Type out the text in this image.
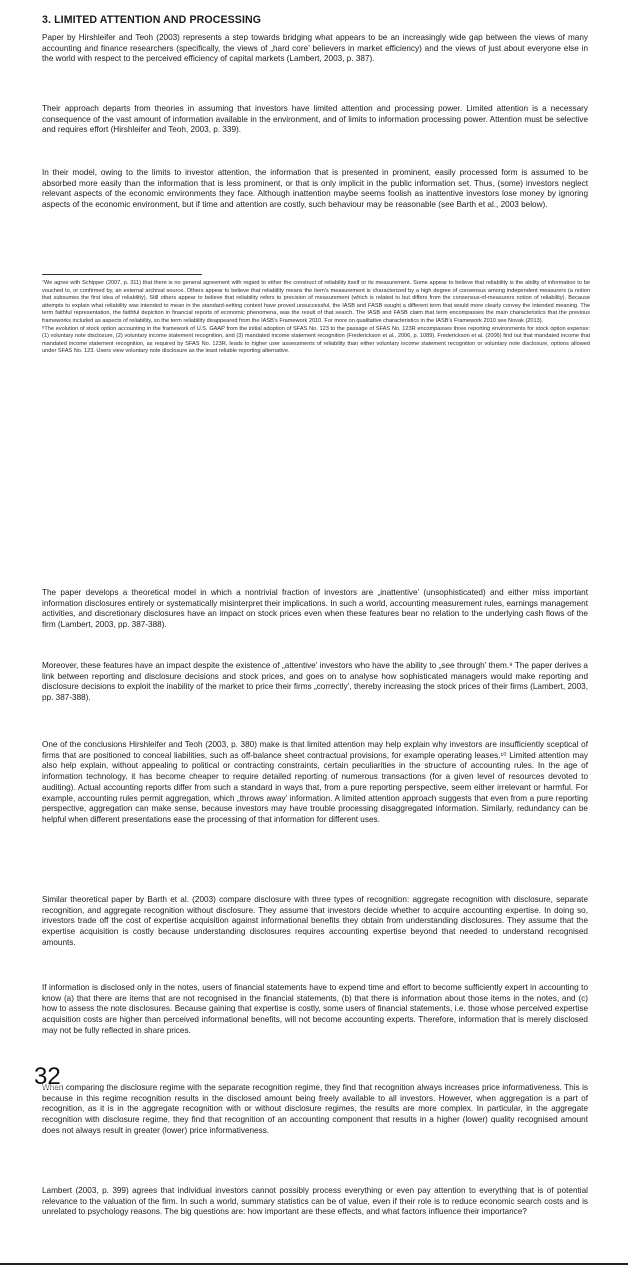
3. LIMITED ATTENTION AND PROCESSING

Paper by Hirshleifer and Teoh (2003) represents a step towards bridging what appears to be an increasingly wide gap between the views of many accounting and finance researchers (specifically, the views of „hard core’ believers in market efficiency) and the views of just about everyone else in the world with respect to the perceived efficiency of capital markets (Lambert, 2003, p. 387).

Their approach departs from theories in assuming that investors have limited attention and processing power. Limited attention is a necessary consequence of the vast amount of information available in the environment, and of limits to information processing power. Attention must be selective and requires effort (Hirshleifer and Teoh, 2003, p. 339).

In their model, owing to the limits to investor attention, the information that is presented in prominent, easily processed form is assumed to be absorbed more easily than the information that is less prominent, or that is only implicit in the public information set. Thus, (some) investors neglect relevant aspects of the economic environments they face. Although inattention maybe seems foolish as inattentive investors lose money by ignoring aspects of the economic environment, but if time and attention are costly, such behaviour may be reasonable (see Barth et al., 2003 below).

⁷We agree with Schipper (2007, p. 311) that there is no general agreement with regard to either the construct of reliability itself or its measurement. Some appear to believe that reliability is the ability of information to be vouched to, or confirmed by, an external archival source. Others appear to believe that reliability means the item’s measurement is characterized by a high degree of consensus among independent measurers (a notion that subsumes the first idea of reliability). Still others appear to believe that reliability refers to precision of measurement (which is related to but differs from the consensus-of-measurers notion of reliability). Because attempts to explain what reliability was intended to mean in the standard-setting context have proved unsuccessful, the IASB and FASB sought a different term that would more clearly convey the intended meaning. The term faithful representation, the faithful depiction in financial reports of economic phenomena, was the result of that search. The IASB and FASB claim that term encompasses the main characteristics that the previous frameworks included as aspects of reliability, so the term reliability disappeared from the IASB’s Framework 2010. For more on qualitative characteristics in the IASB’s Framework 2010 see Novak (2013).

⁸The evolution of stock option accounting in the framework of U.S. GAAP from the initial adoption of SFAS No. 123 to the passage of SFAS No. 123R encompasses three reporting environments for stock option expense: (1) voluntary note disclosure, (2) voluntary income statement recognition, and (3) mandated income statement recognition (Frederickson et al., 2006, p. 1089). Frederickson et al. (2006) find out that mandated income that mandated income statement recognition, as required by SFAS No. 123R, leads to higher user assessments of reliability than either voluntary income statement recognition or voluntary note disclosure, options allowed under SFAS No. 123. Users view voluntary note disclosure as the least reliable reporting alternative.

The paper develops a theoretical model in which a nontrivial fraction of investors are „inattentive’ (unsophisticated) and either miss important information disclosures entirely or systematically misinterpret their implications. In such a world, accounting measurement rules, earnings management activities, and discretionary disclosures have an impact on stock prices even when these features bear no relation to the underlying cash flows of the firm (Lambert, 2003, pp. 387-388).

Moreover, these features have an impact despite the existence of „attentive’ investors who have the ability to „see through’ them.⁹ The paper derives a link between reporting and disclosure decisions and stock prices, and goes on to analyse how sophisticated managers would make reporting and disclosure decisions to exploit the inability of the market to price their firms „correctly’, thereby increasing the stock prices of their firms (Lambert, 2003, pp. 387-388).

One of the conclusions Hirshleifer and Teoh (2003, p. 380) make is that limited attention may help explain why investors are insufficiently sceptical of firms that are positioned to conceal liabilities, such as off-balance sheet contractual provisions, for example operating leases.¹⁰ Limited attention may also help explain, without appealing to political or contracting constraints, certain peculiarities in the structure of accounting rules. In the age of information technology, it has become cheaper to require detailed reporting of numerous transactions (for a given level of resources devoted to auditing). Actual accounting reports differ from such a standard in ways that, from a pure reporting perspective, seem either irrelevant or harmful. For example, accounting rules permit aggregation, which „throws away’ information. A limited attention approach suggests that even from a pure reporting perspective, aggregation can make sense, because investors may have trouble processing disaggregated information. Similarly, redundancy can be helpful when different presentations ease the processing of that information for different uses.

Similar theoretical paper by Barth et al. (2003) compare disclosure with three types of recognition: aggregate recognition with disclosure, separate recognition, and aggregate recognition without disclosure. They assume that investors decide whether to acquire accounting expertise. In doing so, investors trade off the cost of expertise acquisition against informational benefits they obtain from understanding disclosures. They assume that the expertise acquisition is costly because understanding disclosures requires accounting expertise beyond that needed to understand recognised amounts.

If information is disclosed only in the notes, users of financial statements have to expend time and effort to become sufficiently expert in accounting to know (a) that there are items that are not recognised in the financial statements, (b) that there is information about those items in the notes, and (c) how to assess the note disclosures. Because gaining that expertise is costly, some users of financial statements, i.e. those whose perceived expertise acquisition costs are higher than perceived informational benefits, will not become accounting experts. Therefore, information that is merely disclosed may not be fully reflected in share prices.

When comparing the disclosure regime with the separate recognition regime, they find that recognition always increases price informativeness. This is because in this regime recognition results in the disclosed amount being freely available to all investors. However, when aggregation is a part of recognition, as it is in the aggregate recognition with or without disclosure regimes, the results are more complex. In particular, in the aggregate recognition with disclosure regime, they find that recognition of an accounting component that results in a higher (lower) quality recognised amount does not always result in greater (lower) price informativeness.

Lambert (2003, p. 399) agrees that individual investors cannot possibly process everything or even pay attention to everything that is of potential relevance to the valuation of the firm. In such a world, summary statistics can be of value, even if their role is to reduce economic search costs and is unrelated to psychology reasons. The big questions are: how important are these effects, and what factors influence their importance?

32
